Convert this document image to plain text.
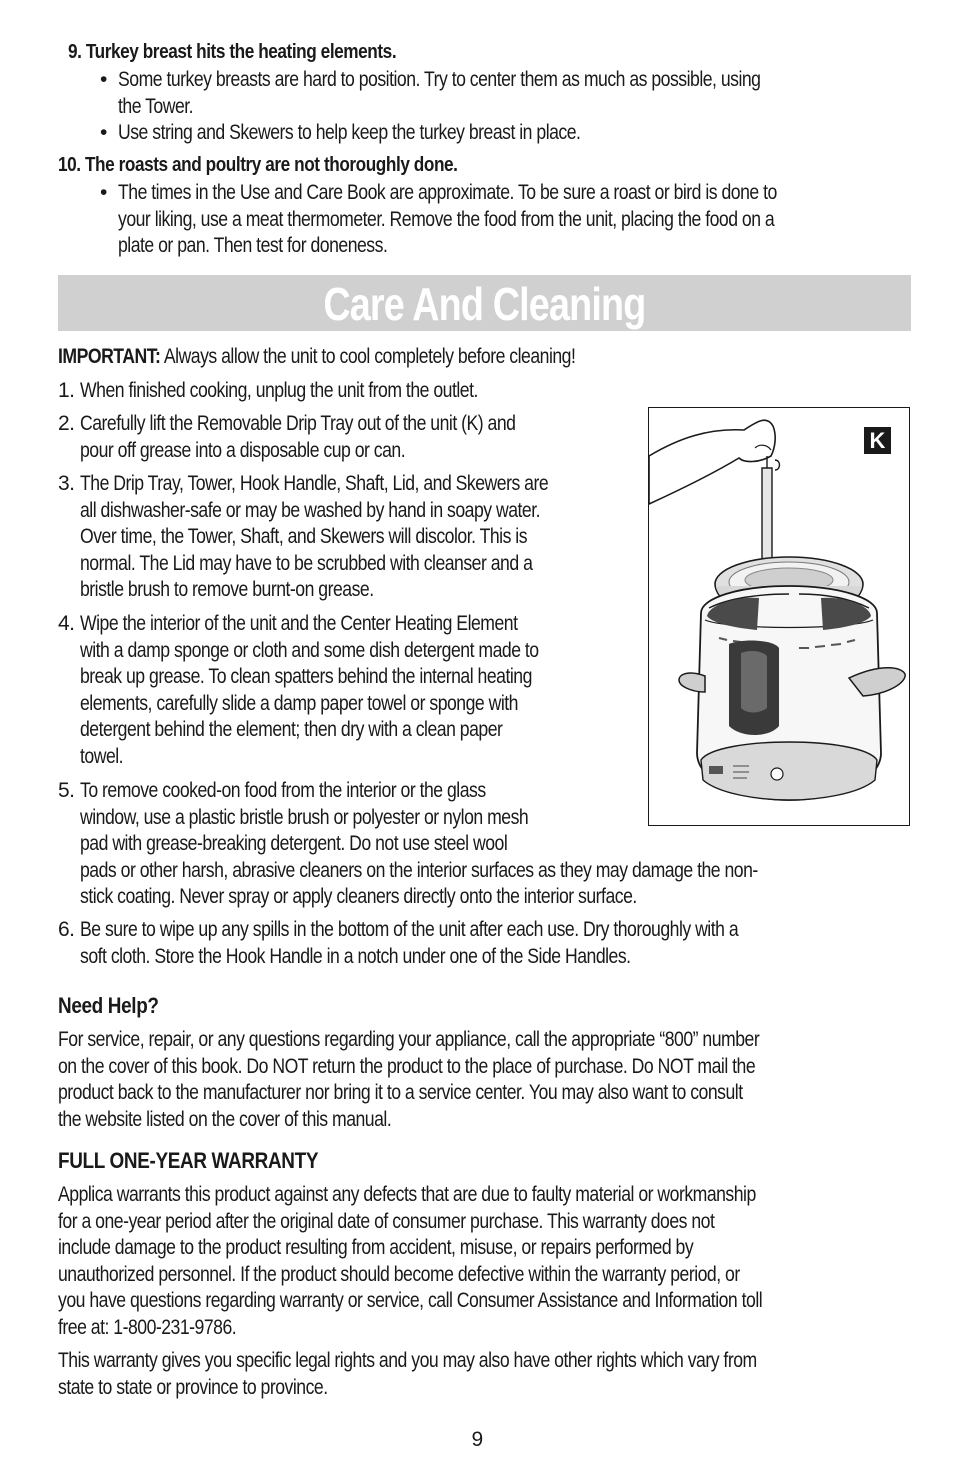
9. Turkey breast hits the heating elements.
• Some turkey breasts are hard to position. Try to center them as much as possible, using
the Tower.
• Use string and Skewers to help keep the turkey breast in place.
10. The roasts and poultry are not thoroughly done.
• The times in the Use and Care Book are approximate. To be sure a roast or bird is done to
your liking, use a meat thermometer. Remove the food from the unit, placing the food on a
plate or pan. Then test for doneness.
Care And Cleaning
IMPORTANT: Always allow the unit to cool completely before cleaning!
1. When finished cooking, unplug the unit from the outlet.
2. Carefully lift the Removable Drip Tray out of the unit (K) and
pour off grease into a disposable cup or can.
3. The Drip Tray, Tower, Hook Handle, Shaft, Lid, and Skewers are
all dishwasher-safe or may be washed by hand in soapy water.
Over time, the Tower, Shaft, and Skewers will discolor. This is
normal. The Lid may have to be scrubbed with cleanser and a
bristle brush to remove burnt-on grease.
4. Wipe the interior of the unit and the Center Heating Element
with a damp sponge or cloth and some dish detergent made to
break up grease. To clean spatters behind the internal heating
elements, carefully slide a damp paper towel or sponge with
detergent behind the element; then dry with a clean paper
towel.
5. To remove cooked-on food from the interior or the glass
window, use a plastic bristle brush or polyester or nylon mesh
pad with grease-breaking detergent. Do not use steel wool
pads or other harsh, abrasive cleaners on the interior surfaces as they may damage the non-
stick coating. Never spray or apply cleaners directly onto the interior surface.
6. Be sure to wipe up any spills in the bottom of the unit after each use. Dry thoroughly with a
soft cloth. Store the Hook Handle in a notch under one of the Side Handles.
K
Need Help?
For service, repair, or any questions regarding your appliance, call the appropriate “800” number
on the cover of this book. Do NOT return the product to the place of purchase. Do NOT mail the
product back to the manufacturer nor bring it to a service center. You may also want to consult
the website listed on the cover of this manual.
FULL ONE-YEAR WARRANTY
Applica warrants this product against any defects that are due to faulty material or workmanship
for a one-year period after the original date of consumer purchase. This warranty does not
include damage to the product resulting from accident, misuse, or repairs performed by
unauthorized personnel. If the product should become defective within the warranty period, or
you have questions regarding warranty or service, call Consumer Assistance and Information toll
free at: 1-800-231-9786.
This warranty gives you specific legal rights and you may also have other rights which vary from
state to state or province to province.
9
